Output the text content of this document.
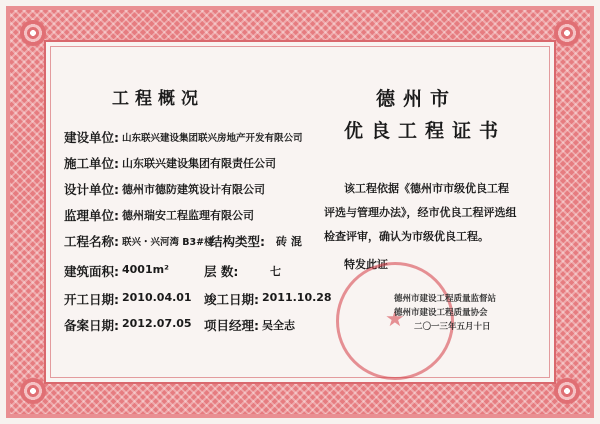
工程概况
建设单位: 山东联兴建设集团联兴房地产开发有限公司
施工单位: 山东联兴建设集团有限责任公司
设计单位: 德州市德防建筑设计有限公司
监理单位: 德州瑞安工程监理有限公司
工程名称: 联兴・兴河湾 B3#楼
结构类型: 砖 混
建筑面积: 4001m²	层 数:	七
开工日期: 2010.04.01 竣工日期: 2011.10.28
备案日期: 2012.07.05 项目经理: 吴全志
德州市
优良工程证书
该工程依据《德州市市级优良工程
评选与管理办法》，经市优良工程评选组
检查评审，确认为市级优良工程。
特发此证
★
德州市建设工程质量监督站
德州市建设工程质量协会
二〇一三年五月十日
